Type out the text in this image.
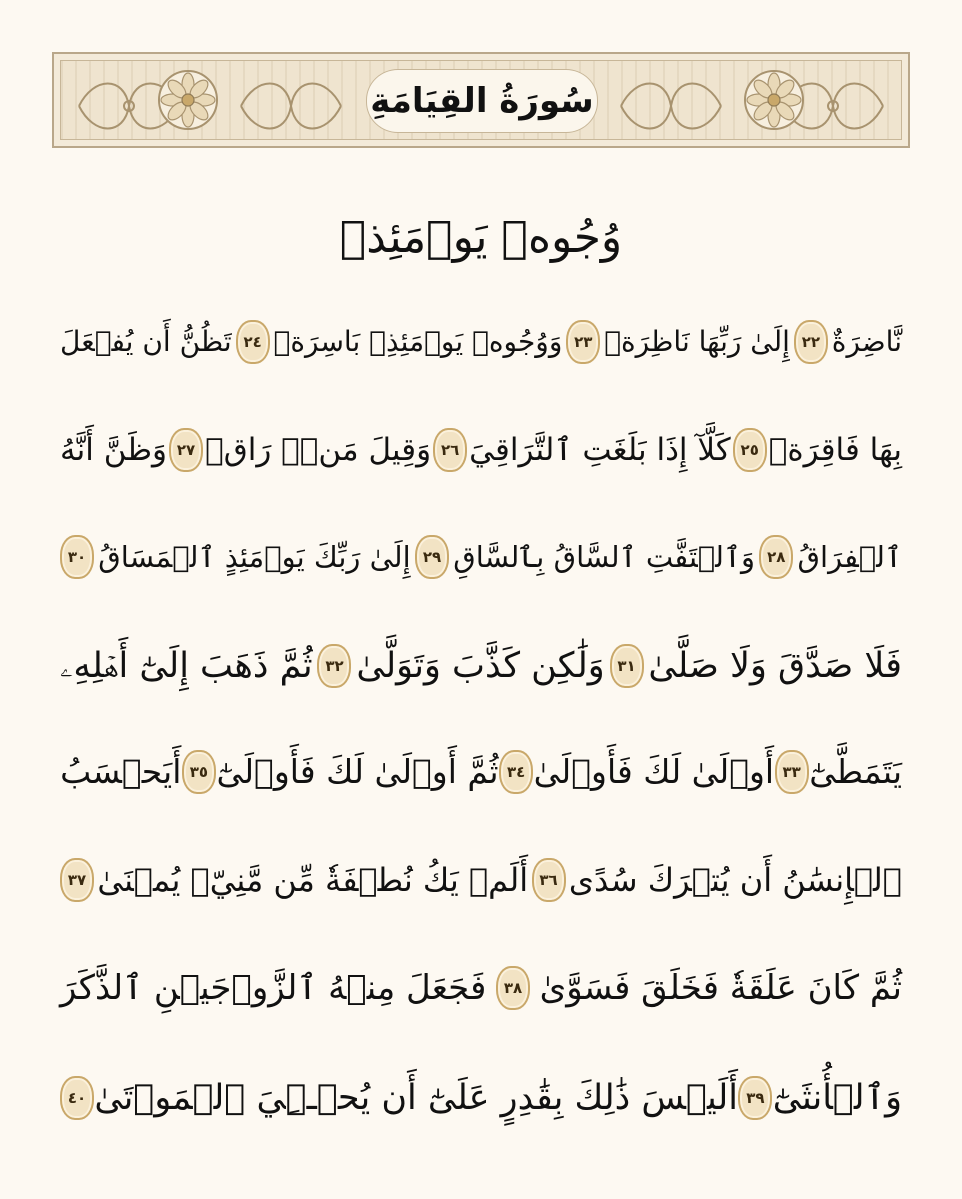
سُورَةُ القِيَامَةِ
وُجُوهٞ يَوۡمَئِذٖ
نَّاضِرَةٌ
٢٢
إِلَىٰ رَبِّهَا نَاظِرَةٞ
٢٣
وَوُجُوهٞ يَوۡمَئِذِۭ بَاسِرَةٞ
٢٤
تَظُنُّ أَن يُفۡعَلَ
بِهَا فَاقِرَةٞ
٢٥
كَلَّآ إِذَا بَلَغَتِ ٱلتَّرَاقِيَ
٢٦
وَقِيلَ مَنۡۜ رَاقٖ
٢٧
وَظَنَّ أَنَّهُ
ٱلۡفِرَاقُ
٢٨
وَٱلۡتَفَّتِ ٱلسَّاقُ بِٱلسَّاقِ
٢٩
إِلَىٰ رَبِّكَ يَوۡمَئِذٍ ٱلۡمَسَاقُ
٣٠
فَلَا صَدَّقَ وَلَا صَلَّىٰ
٣١
وَلَٰكِن كَذَّبَ وَتَوَلَّىٰ
٣٢
ثُمَّ ذَهَبَ إِلَىٰٓ أَهۡلِهِۦ
يَتَمَطَّىٰٓ
٣٣
أَوۡلَىٰ لَكَ فَأَوۡلَىٰ
٣٤
ثُمَّ أَوۡلَىٰ لَكَ فَأَوۡلَىٰٓ
٣٥
أَيَحۡسَبُ
ٱلۡإِنسَٰنُ أَن يُتۡرَكَ سُدًى
٣٦
أَلَمۡ يَكُ نُطۡفَةٗ مِّن مَّنِيّٖ يُمۡنَىٰ
٣٧
ثُمَّ كَانَ عَلَقَةٗ فَخَلَقَ فَسَوَّىٰ
٣٨
فَجَعَلَ مِنۡهُ ٱلزَّوۡجَيۡنِ ٱلذَّكَرَ
وَٱلۡأُنثَىٰٓ
٣٩
أَلَيۡسَ ذَٰلِكَ بِقَٰدِرٍ عَلَىٰٓ أَن يُحۡـِۧيَ ٱلۡمَوۡتَىٰ
٤٠
